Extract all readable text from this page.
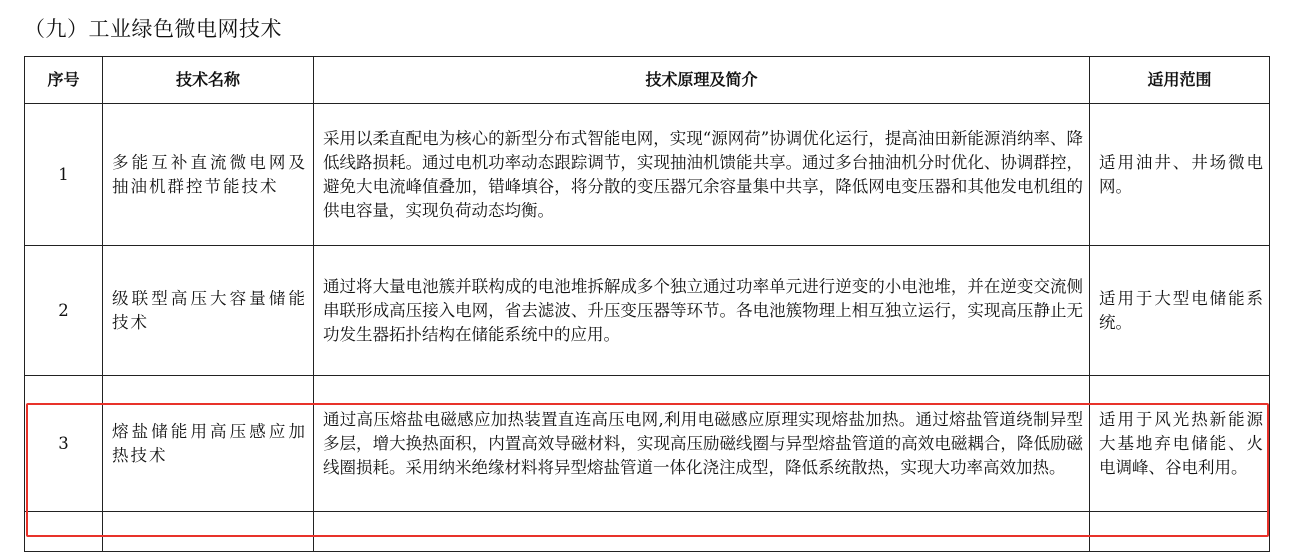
（九）工业绿色微电网技术
序号	技术名称	技术原理及简介	适用范围
1	多能互补直流微电网及抽油机群控节能技术	采用以柔直配电为核心的新型分布式智能电网，实现“源网荷”协调优化运行，提高油田新能源消纳率、降低线路损耗。通过电机功率动态跟踪调节，实现抽油机馈能共享。通过多台抽油机分时优化、协调群控，避免大电流峰值叠加，错峰填谷，将分散的变压器冗余容量集中共享，降低网电变压器和其他发电机组的供电容量，实现负荷动态均衡。	适用油井、井场微电网。
2	级联型高压大容量储能技术	通过将大量电池簇并联构成的电池堆拆解成多个独立通过功率单元进行逆变的小电池堆，并在逆变交流侧串联形成高压接入电网，省去滤波、升压变压器等环节。各电池簇物理上相互独立运行，实现高压静止无功发生器拓扑结构在储能系统中的应用。	适用于大型电储能系统。
3	熔盐储能用高压感应加热技术	通过高压熔盐电磁感应加热装置直连高压电网,利用电磁感应原理实现熔盐加热。通过熔盐管道绕制异型多层，增大换热面积，内置高效导磁材料，实现高压励磁线圈与异型熔盐管道的高效电磁耦合，降低励磁线圈损耗。采用纳米绝缘材料将异型熔盐管道一体化浇注成型，降低系统散热，实现大功率高效加热。	适用于风光热新能源大基地弃电储能、火电调峰、谷电利用。
